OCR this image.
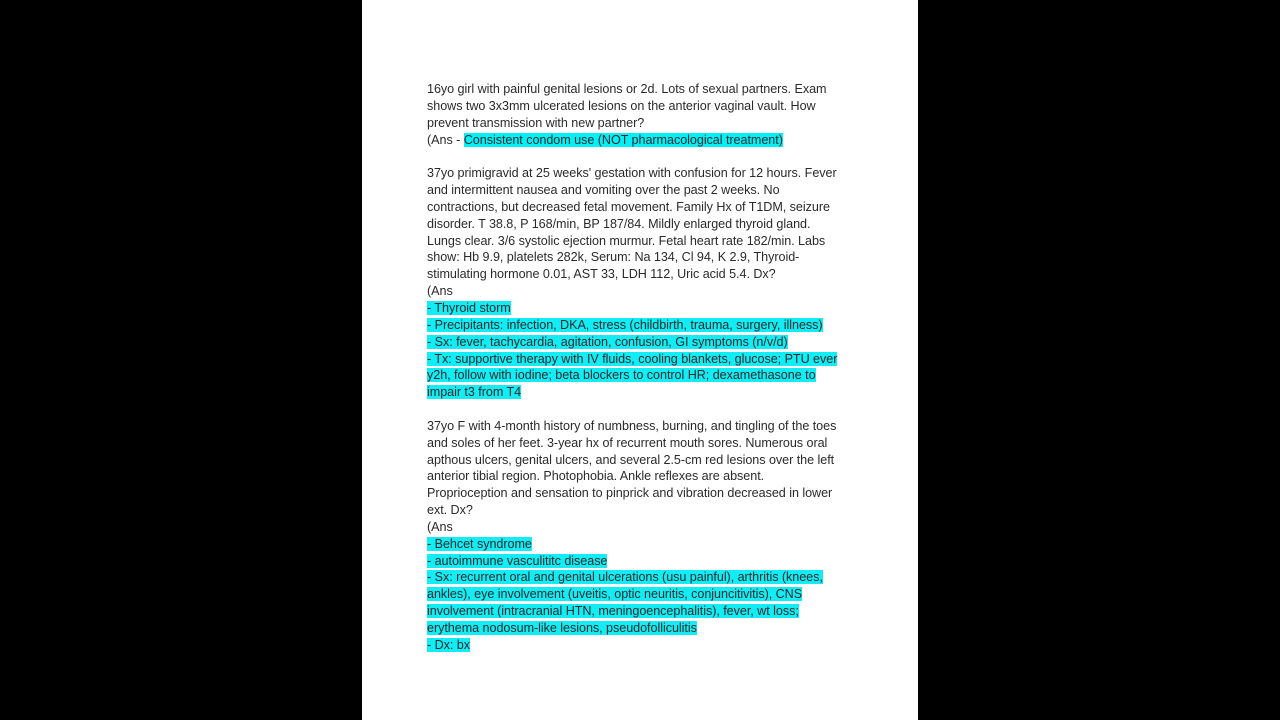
16yo girl with painful genital lesions or 2d. Lots of sexual partners. Exam
shows two 3x3mm ulcerated lesions on the anterior vaginal vault. How
prevent transmission with new partner?
(Ans - Consistent condom use (NOT pharmacological treatment)
37yo primigravid at 25 weeks' gestation with confusion for 12 hours. Fever
and intermittent nausea and vomiting over the past 2 weeks. No
contractions, but decreased fetal movement. Family Hx of T1DM, seizure
disorder. T 38.8, P 168/min, BP 187/84. Mildly enlarged thyroid gland.
Lungs clear. 3/6 systolic ejection murmur. Fetal heart rate 182/min. Labs
show: Hb 9.9, platelets 282k, Serum: Na 134, Cl 94, K 2.9, Thyroid-
stimulating hormone 0.01, AST 33, LDH 112, Uric acid 5.4. Dx?
(Ans
- Thyroid storm
- Precipitants: infection, DKA, stress (childbirth, trauma, surgery, illness)
- Sx: fever, tachycardia, agitation, confusion, GI symptoms (n/v/d)
- Tx: supportive therapy with IV fluids, cooling blankets, glucose; PTU ever
y2h, follow with iodine; beta blockers to control HR; dexamethasone to
impair t3 from T4
37yo F with 4-month history of numbness, burning, and tingling of the toes
and soles of her feet. 3-year hx of recurrent mouth sores. Numerous oral
apthous ulcers, genital ulcers, and several 2.5-cm red lesions over the left
anterior tibial region. Photophobia. Ankle reflexes are absent.
Proprioception and sensation to pinprick and vibration decreased in lower
ext. Dx?
(Ans
- Behcet syndrome
- autoimmune vasculititc disease
- Sx: recurrent oral and genital ulcerations (usu painful), arthritis (knees,
ankles), eye involvement (uveitis, optic neuritis, conjuncitivitis), CNS
involvement (intracranial HTN, meningoencephalitis), fever, wt loss;
erythema nodosum-like lesions, pseudofolliculitis
- Dx: bx
